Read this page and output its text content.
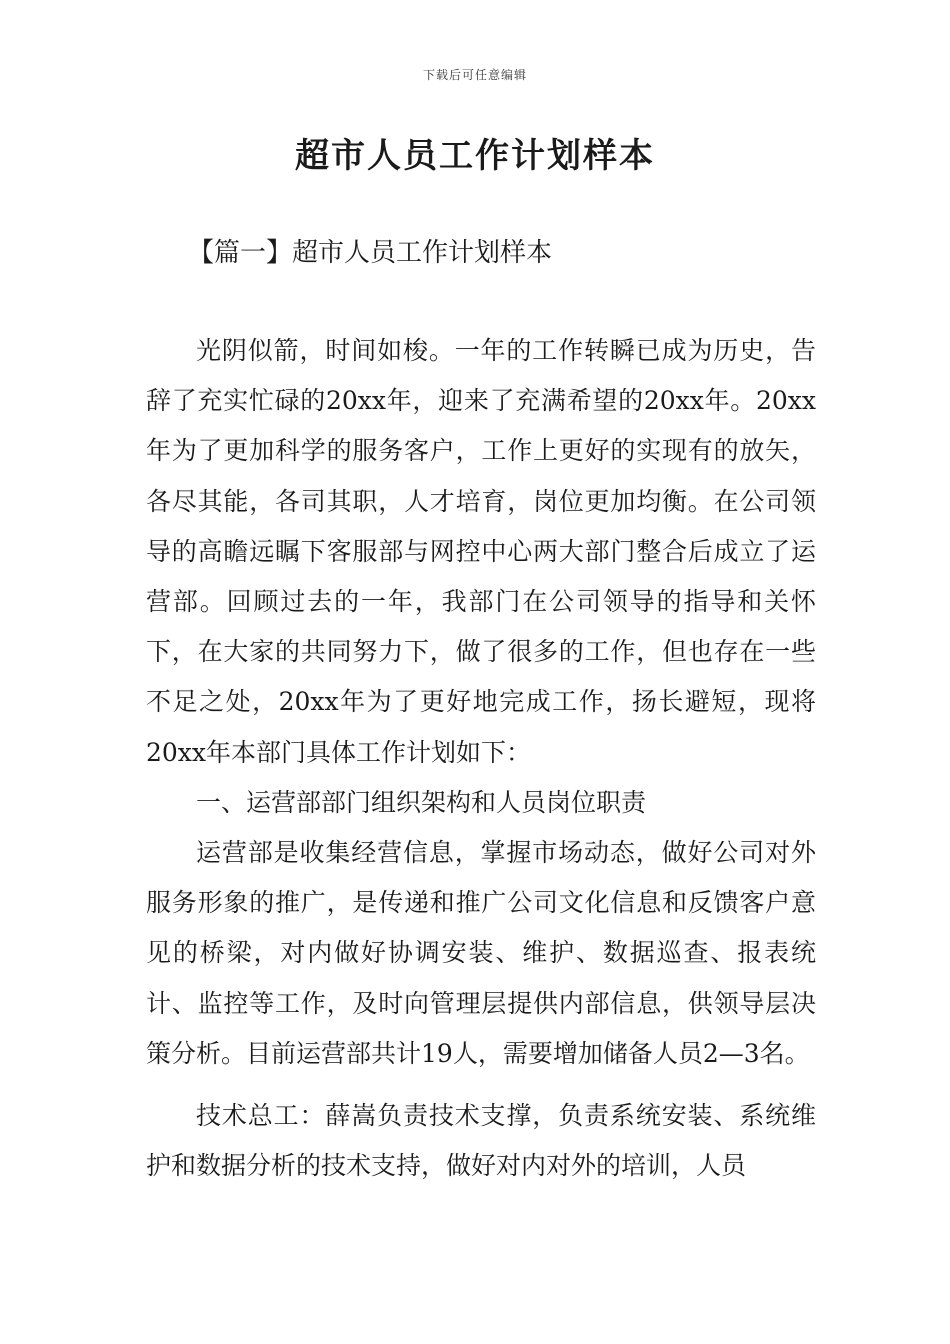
下载后可任意编辑
超市人员工作计划样本
【篇一】超市人员工作计划样本

光阴似箭，时间如梭。一年的工作转瞬已成为历史，告辞了充实忙碌的20xx年，迎来了充满希望的20xx年。20xx年为了更加科学的服务客户，工作上更好的实现有的放矢，各尽其能，各司其职，人才培育，岗位更加均衡。在公司领导的高瞻远瞩下客服部与网控中心两大部门整合后成立了运营部。回顾过去的一年，我部门在公司领导的指导和关怀下，在大家的共同努力下，做了很多的工作，但也存在一些不足之处，20xx年为了更好地完成工作，扬长避短，现将20xx年本部门具体工作计划如下：

一、运营部部门组织架构和人员岗位职责

运营部是收集经营信息，掌握市场动态，做好公司对外服务形象的推广，是传递和推广公司文化信息和反馈客户意见的桥梁，对内做好协调安装、维护、数据巡查、报表统计、监控等工作，及时向管理层提供内部信息，供领导层决策分析。目前运营部共计19人，需要增加储备人员2—3名。

技术总工：薛嵩负责技术支撑，负责系统安装、系统维护和数据分析的技术支持，做好对内对外的培训，人员
